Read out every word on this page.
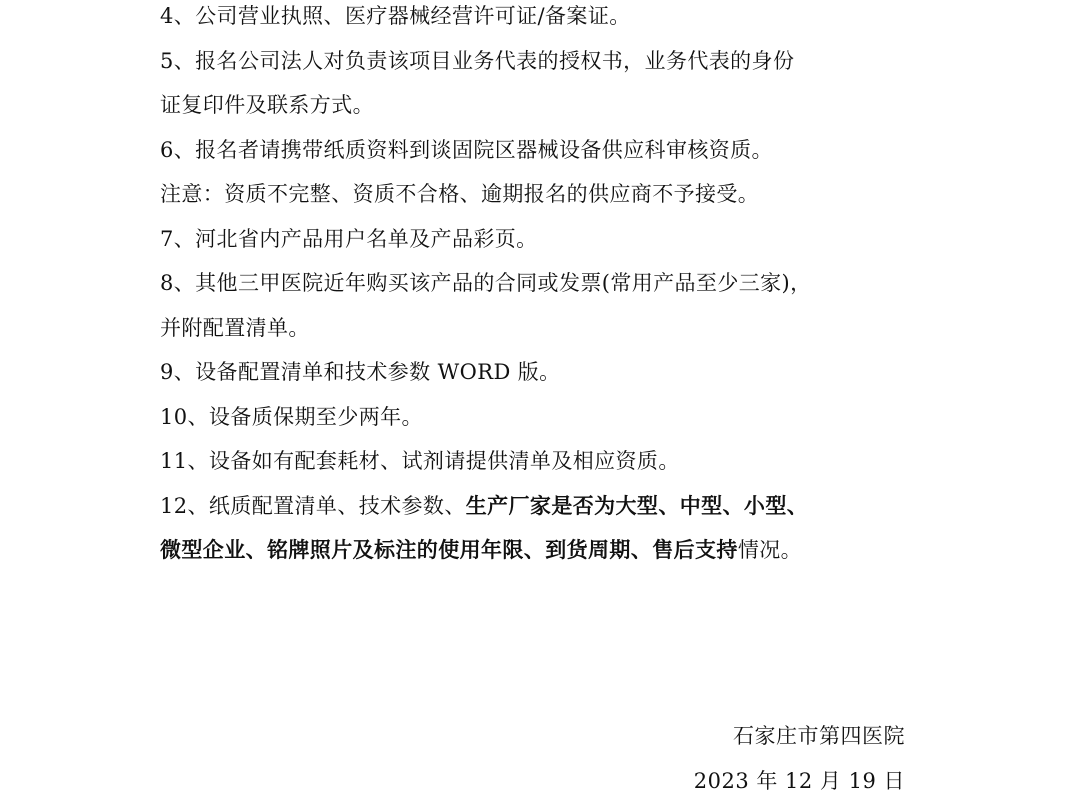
4、公司营业执照、医疗器械经营许可证/备案证。
5、报名公司法人对负责该项目业务代表的授权书，业务代表的身份
证复印件及联系方式。
6、报名者请携带纸质资料到谈固院区器械设备供应科审核资质。
注意：资质不完整、资质不合格、逾期报名的供应商不予接受。
7、河北省内产品用户名单及产品彩页。
8、其他三甲医院近年购买该产品的合同或发票(常用产品至少三家)，
并附配置清单。
9、设备配置清单和技术参数 WORD 版。
10、设备质保期至少两年。
11、设备如有配套耗材、试剂请提供清单及相应资质。
12、纸质配置清单、技术参数、生产厂家是否为大型、中型、小型、
微型企业、铭牌照片及标注的使用年限、到货周期、售后支持情况。
石家庄市第四医院
2023 年 12 月 19 日
